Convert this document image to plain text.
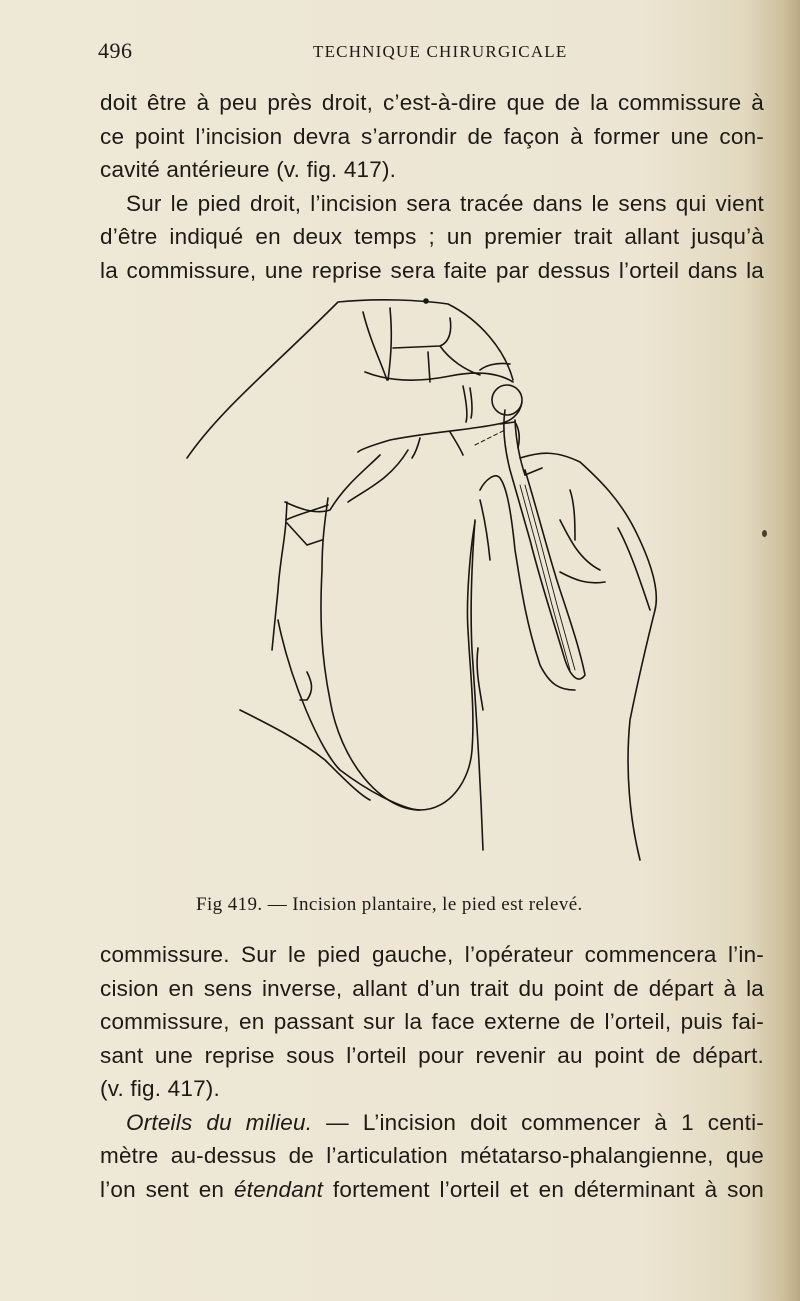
496	TECHNIQUE CHIRURGICALE
doit être à peu près droit, c’est-à-dire que de la commissure à
ce point l’incision devra s’arrondir de façon à former une con-
cavité antérieure (v. fig. 417).
Sur le pied droit, l’incision sera tracée dans le sens qui vient
d’être indiqué en deux temps ; un premier trait allant jusqu’à
la commissure, une reprise sera faite par dessus l’orteil dans la
Fig 419. — Incision plantaire, le pied est relevé.
commissure. Sur le pied gauche, l’opérateur commencera l’in-
cision en sens inverse, allant d’un trait du point de départ à la
commissure, en passant sur la face externe de l’orteil, puis fai-
sant une reprise sous l’orteil pour revenir au point de départ.
(v. fig. 417).
Orteils du milieu. — L’incision doit commencer à 1 centi-
mètre au-dessus de l’articulation métatarso-phalangienne, que
l’on sent en étendant fortement l’orteil et en déterminant à son
